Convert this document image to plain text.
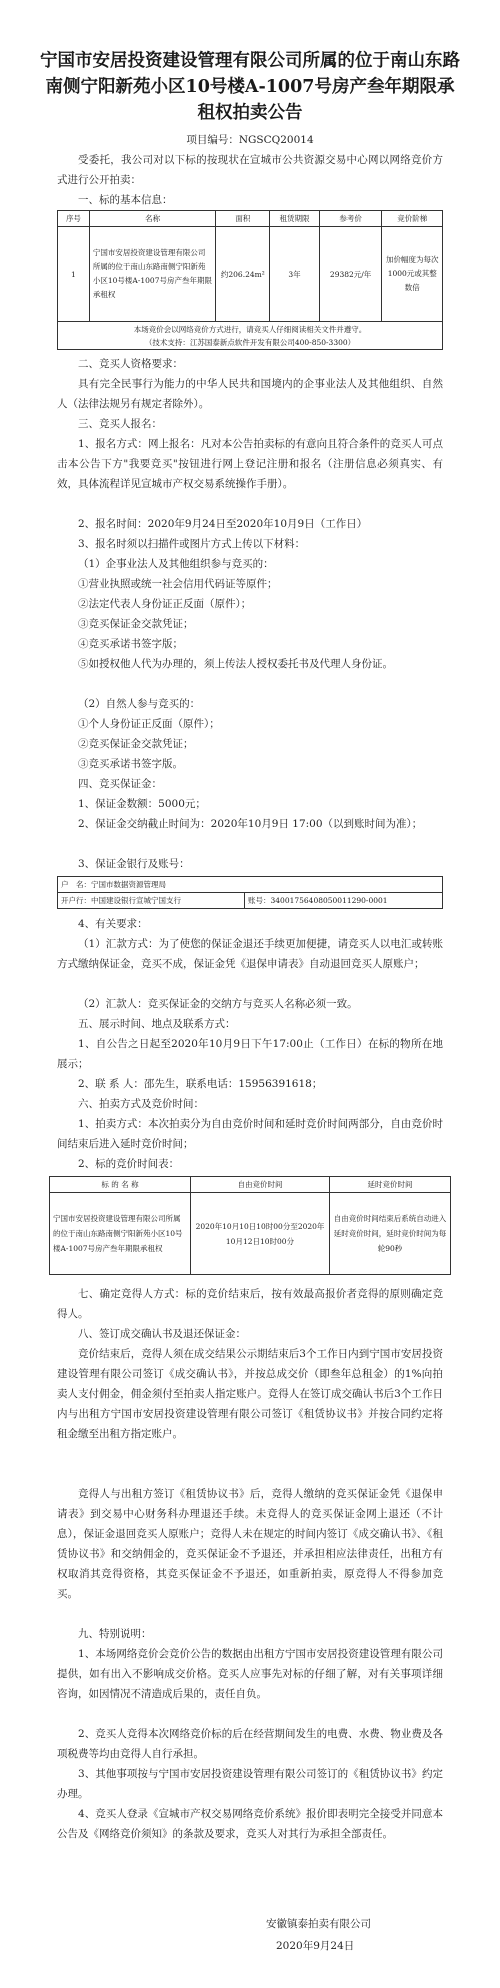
宁国市安居投资建设管理有限公司所属的位于南山东路南侧宁阳新苑小区10号楼A-1007号房产叁年期限承租权拍卖公告
项目编号：NGSCQ20014

受委托，我公司对以下标的按现状在宣城市公共资源交易中心网以网络竞价方式进行公开拍卖：

一、标的基本信息：

序号	名称	面积	租赁期限	参考价	竞价阶梯
1	宁国市安居投资建设管理有限公司所属的位于南山东路南侧宁阳新苑小区10号楼A-1007号房产叁年期限承租权	约206.24m²	3年	29382元/年	加价幅度为每次1000元或其整数倍

本场竞价会以网络竞价方式进行，请竞买人仔细阅读相关文件并遵守。
（技术支持：江苏国泰新点软件开发有限公司400-850-3300）					

二、竞买人资格要求：

具有完全民事行为能力的中华人民共和国境内的企事业法人及其他组织、自然人（法律法规另有规定者除外）。

三、竞买人报名：

1、报名方式：网上报名：凡对本公告拍卖标的有意向且符合条件的竞买人可点击本公告下方"我要竞买"按钮进行网上登记注册和报名（注册信息必须真实、有效，具体流程详见宣城市产权交易系统操作手册）。

2、报名时间：2020年9月24日至2020年10月9日（工作日）

3、报名时须以扫描件或图片方式上传以下材料：

（1）企事业法人及其他组织参与竞买的：

①营业执照或统一社会信用代码证等原件；

②法定代表人身份证正反面（原件）；

③竞买保证金交款凭证；

④竞买承诺书签字版；

⑤如授权他人代为办理的，须上传法人授权委托书及代理人身份证。

（2）自然人参与竞买的：

①个人身份证正反面（原件）；

②竞买保证金交款凭证；

③竞买承诺书签字版。

四、竞买保证金：

1、保证金数额：5000元；

2、保证金交纳截止时间为：2020年10月9日 17:00（以到账时间为准）；

3、保证金银行及账号：

户　名：宁国市数据资源管理局
开户行：中国建设银行宣城宁国支行	账号：34001756408050011290-0001

4、有关要求：

（1）汇款方式：为了使您的保证金退还手续更加便捷，请竞买人以电汇或转账方式缴纳保证金，竞买不成，保证金凭《退保申请表》自动退回竞买人原账户；

（2）汇款人：竞买保证金的交纳方与竞买人名称必须一致。

五、展示时间、地点及联系方式：

1、自公告之日起至2020年10月9日下午17:00止（工作日）在标的物所在地展示；

2、联 系 人：邵先生，联系电话：15956391618；

六、拍卖方式及竞价时间：

1、拍卖方式：本次拍卖分为自由竞价时间和延时竞价时间两部分，自由竞价时间结束后进入延时竞价时间；

2、标的竞价时间表：

标 的 名 称	自由竞价时间	延时竞价时间
宁国市安居投资建设管理有限公司所属的位于南山东路南侧宁阳新苑小区10号楼A-1007号房产叁年期限承租权	2020年10月10日10时00分至2020年10月12日10时00分	自由竞价时间结束后系统自动进入延时竞价时间，延时竞价时间为每轮90秒

七、确定竞得人方式：标的竞价结束后，按有效最高报价者竞得的原则确定竞得人。

八、签订成交确认书及退还保证金：

竞价结束后，竞得人须在成交结果公示期结束后3个工作日内到宁国市安居投资建设管理有限公司签订《成交确认书》，并按总成交价（即叁年总租金）的1%向拍卖人支付佣金，佣金须付至拍卖人指定账户。竞得人在签订成交确认书后3个工作日内与出租方宁国市安居投资建设管理有限公司签订《租赁协议书》并按合同约定将租金缴至出租方指定账户。

竞得人与出租方签订《租赁协议书》后，竞得人缴纳的竞买保证金凭《退保申请表》到交易中心财务科办理退还手续。未竞得人的竞买保证金网上退还（不计息），保证金退回竞买人原账户；竞得人未在规定的时间内签订《成交确认书》、《租赁协议书》和交纳佣金的，竞买保证金不予退还，并承担相应法律责任，出租方有权取消其竞得资格，其竞买保证金不予退还，如重新拍卖，原竞得人不得参加竞买。

九、特别说明：

1、本场网络竞价会竞价公告的数据由出租方宁国市安居投资建设管理有限公司提供，如有出入不影响成交价格。竞买人应事先对标的仔细了解，对有关事项详细咨询，如因情况不清造成后果的，责任自负。

2、竞买人竞得本次网络竞价标的后在经营期间发生的电费、水费、物业费及各项税费等均由竞得人自行承担。

3、其他事项按与宁国市安居投资建设管理有限公司签订的《租赁协议书》约定办理。

4、竞买人登录《宣城市产权交易网络竞价系统》报价即表明完全接受并同意本公告及《网络竞价须知》的条款及要求，竞买人对其行为承担全部责任。

安徽镇泰拍卖有限公司
2020年9月24日
